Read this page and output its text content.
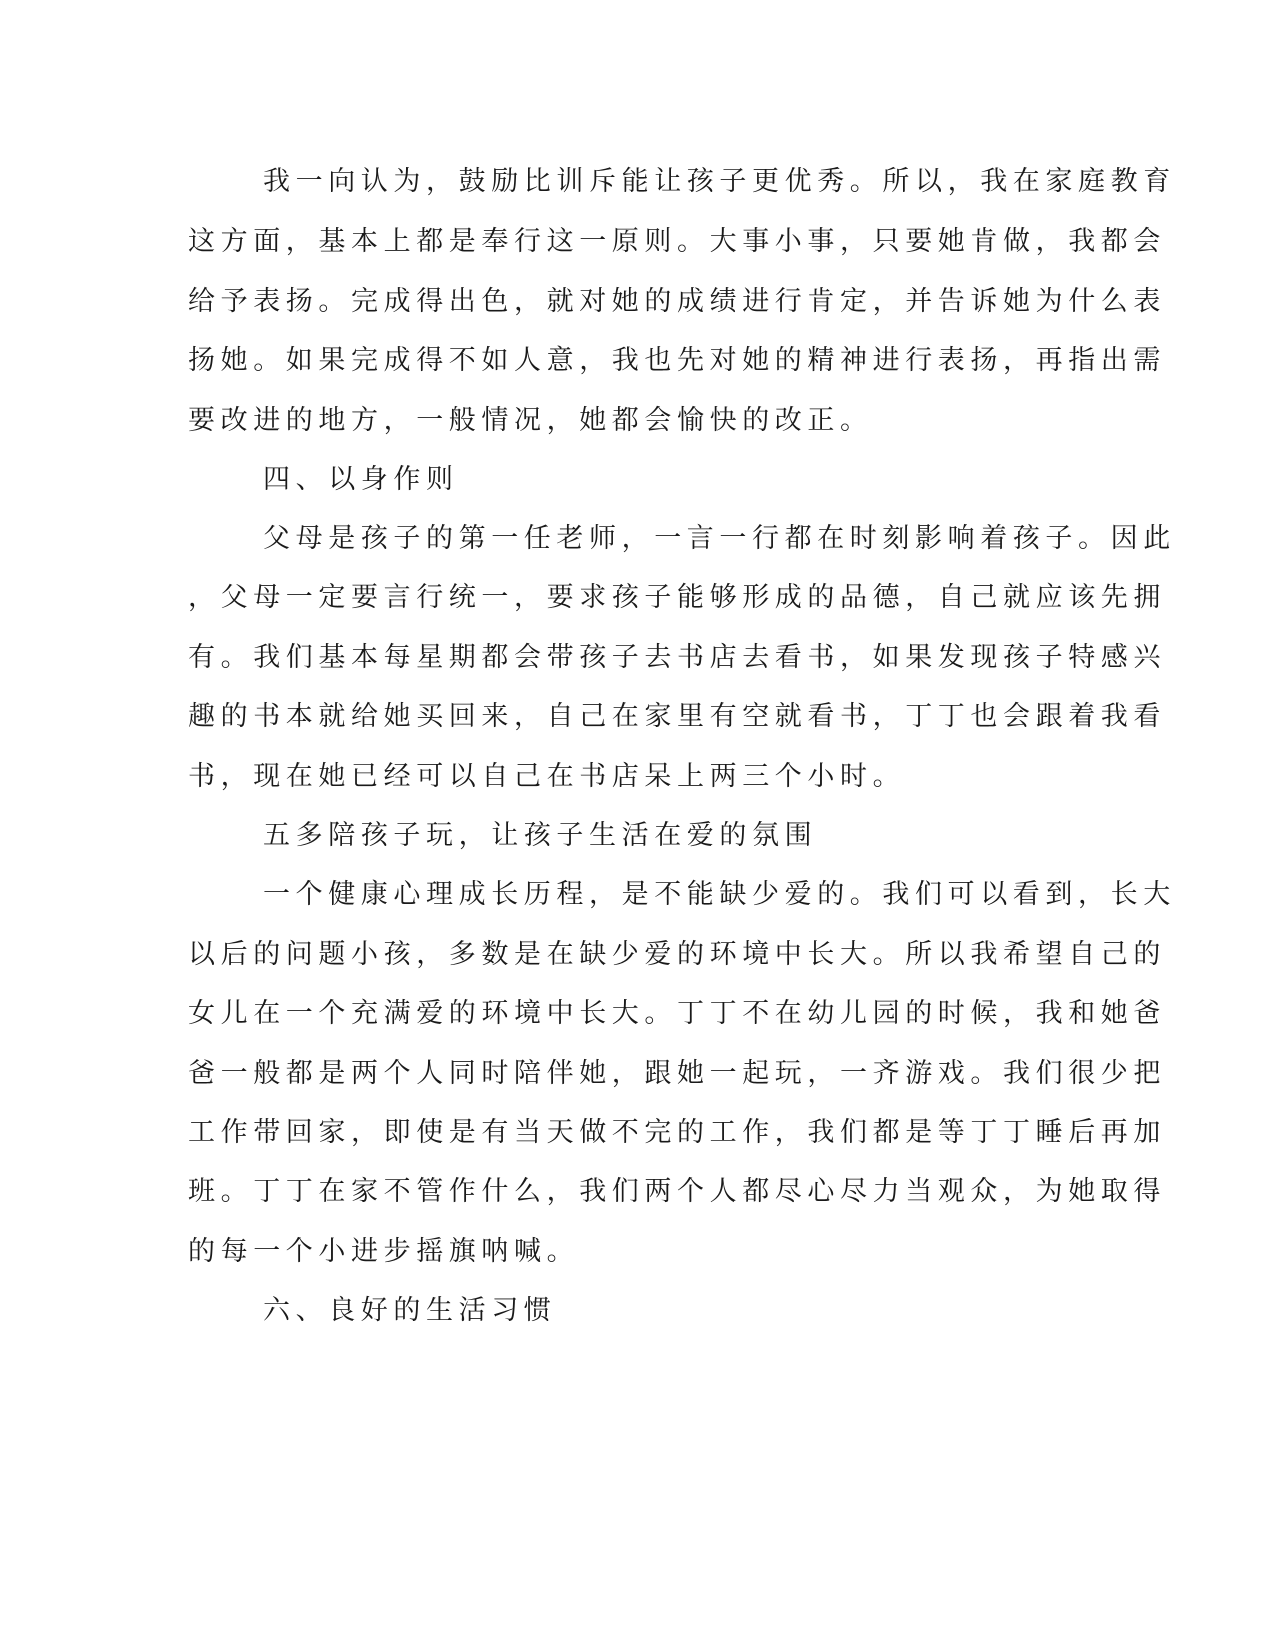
我一向认为，鼓励比训斥能让孩子更优秀。所以，我在家庭教育
这方面，基本上都是奉行这一原则。大事小事，只要她肯做，我都会
给予表扬。完成得出色，就对她的成绩进行肯定，并告诉她为什么表
扬她。如果完成得不如人意，我也先对她的精神进行表扬，再指出需
要改进的地方，一般情况，她都会愉快的改正。
四、以身作则
父母是孩子的第一任老师，一言一行都在时刻影响着孩子。因此
，父母一定要言行统一，要求孩子能够形成的品德，自己就应该先拥
有。我们基本每星期都会带孩子去书店去看书，如果发现孩子特感兴
趣的书本就给她买回来，自己在家里有空就看书，丁丁也会跟着我看
书，现在她已经可以自己在书店呆上两三个小时。
五多陪孩子玩，让孩子生活在爱的氛围
一个健康心理成长历程，是不能缺少爱的。我们可以看到，长大
以后的问题小孩，多数是在缺少爱的环境中长大。所以我希望自己的
女儿在一个充满爱的环境中长大。丁丁不在幼儿园的时候，我和她爸
爸一般都是两个人同时陪伴她，跟她一起玩，一齐游戏。我们很少把
工作带回家，即使是有当天做不完的工作，我们都是等丁丁睡后再加
班。丁丁在家不管作什么，我们两个人都尽心尽力当观众，为她取得
的每一个小进步摇旗呐喊。
六、良好的生活习惯
